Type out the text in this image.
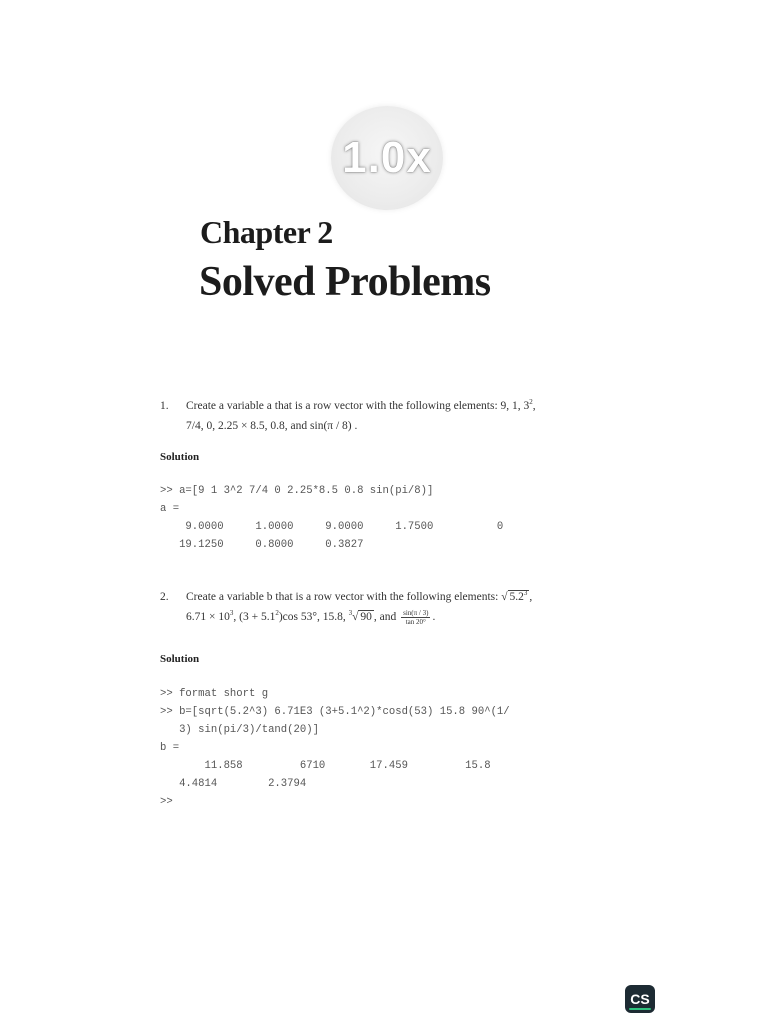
1.0x
Chapter 2
Solved Problems
1. Create a variable a that is a row vector with the following elements: 9, 1, $3^2$,
7/4, 0, 2.25 × 8.5, 0.8, and sin(π / 8) .
Solution
>> a=[9 1 3^2 7/4 0 2.25*8.5 0.8 sin(pi/8)]
a =
9.0000     1.0000     9.0000     1.7500          0
19.1250     0.8000     0.3827
2. Create a variable b that is a row vector with the following elements: √ $5.2^3$ ,
$6.71 \times 10^3$, $(3 + 5.1^2)\cos$ 53°, 15.8, $^3$√ 90 , and $\frac{\sin(\pi / 3)}{\tan 20^\circ}$ .
Solution
>> format short g
>> b=[sqrt(5.2^3) 6.71E3 (3+5.1^2)*cosd(53) 15.8 90^(1/
3) sin(pi/3)/tand(20)]
b =
11.858         6710       17.459         15.8
4.4814        2.3794
>>
CS
